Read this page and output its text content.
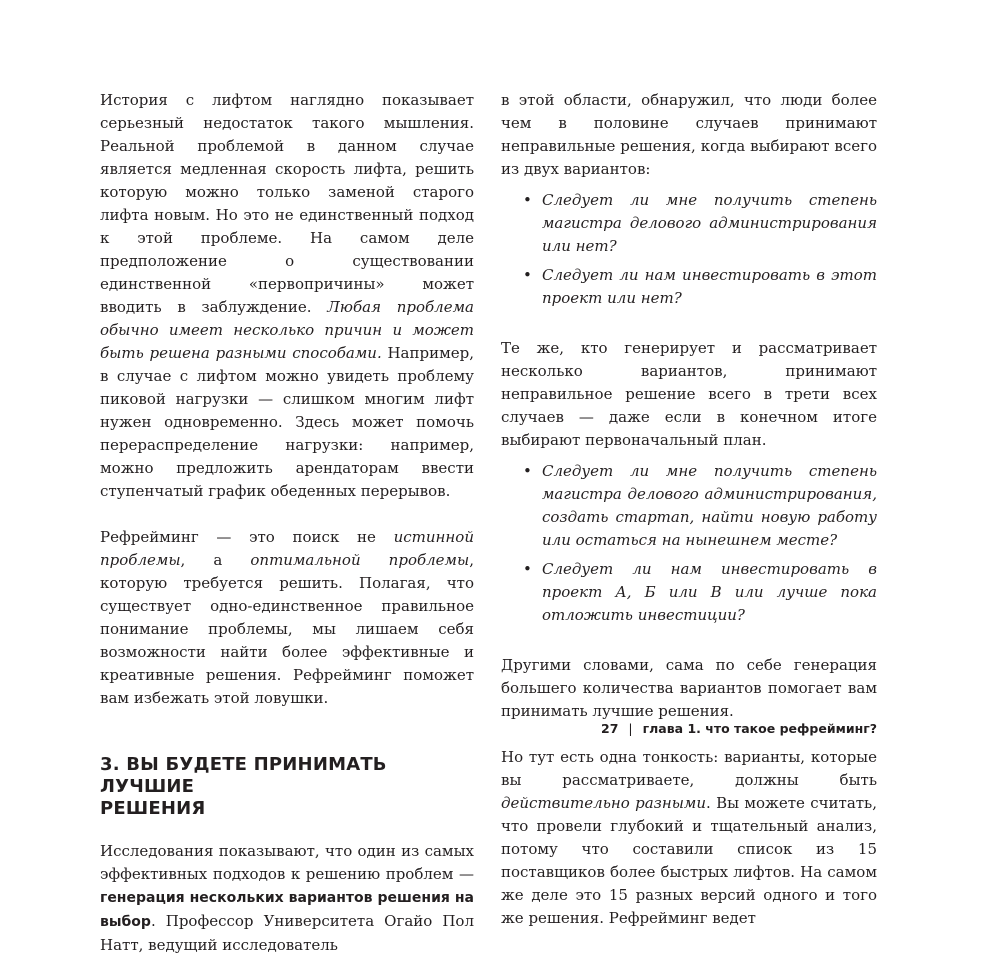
История с лифтом наглядно показывает серьезный недостаток такого мышления. Реальной проблемой в данном случае является медленная скорость лифта, решить которую можно только заменой старого лифта новым. Но это не единственный подход к этой проблеме. На самом деле предположение о существовании единственной «первопричины» может вводить в заблуждение. Любая проблема обычно имеет несколько причин и может быть решена разными способами. Например, в случае с лифтом можно увидеть проблему пиковой нагрузки — слишком многим лифт нужен одновременно. Здесь может помочь перераспределение нагрузки: например, можно предложить арендаторам ввести ступенчатый график обеденных перерывов.

Рефрейминг — это поиск не истинной проблемы, а оптимальной проблемы, которую требуется решить. Полагая, что существует одно-единственное правильное понимание проблемы, мы лишаем себя возможности найти более эффективные и креативные решения. Рефрейминг поможет вам избежать этой ловушки.

3. ВЫ БУДЕТЕ ПРИНИМАТЬ ЛУЧШИЕ
РЕШЕНИЯ

Исследования показывают, что один из самых эффективных подходов к решению проблем — генерация нескольких вариантов решения на выбор. Профессор Университета Огайо Пол Натт, ведущий исследователь

в этой области, обнаружил, что люди более чем в половине случаев принимают неправильные решения, когда выбирают всего из двух вариантов:

• Следует ли мне получить степень магистра делового администрирования или нет?
• Следует ли нам инвестировать в этот проект или нет?

Те же, кто генерирует и рассматривает несколько вариантов, принимают неправильное решение всего в трети всех случаев — даже если в конечном итоге выбирают первоначальный план.

• Следует ли мне получить степень магистра делового администрирования, создать стартап, найти новую работу или остаться на нынешнем месте?
• Следует ли нам инвестировать в проект А, Б или В или лучше пока отложить инвестиции?

Другими словами, сама по себе генерация большего количества вариантов помогает вам принимать лучшие решения.

Но тут есть одна тонкость: варианты, которые вы рассматриваете, должны быть действительно разными. Вы можете считать, что провели глубокий и тщательный анализ, потому что составили список из 15 поставщиков более быстрых лифтов. На самом же деле это 15 разных версий одного и того же решения. Рефрейминг ведет

27 | глава 1. что такое рефрейминг?
